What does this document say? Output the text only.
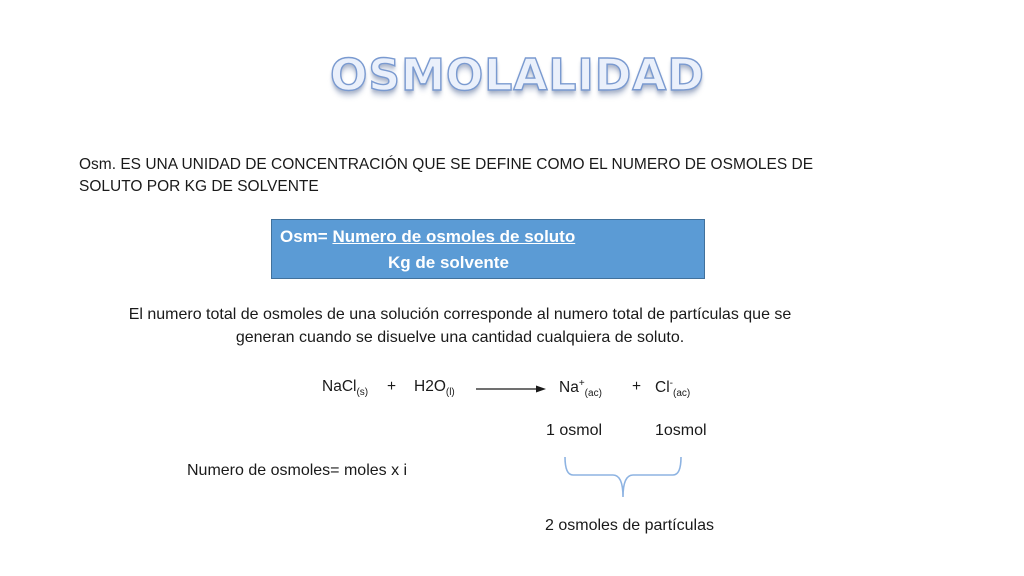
OSMOLALIDAD
Osm. ES UNA UNIDAD DE CONCENTRACIÓN QUE SE DEFINE COMO EL NUMERO DE OSMOLES DE SOLUTO POR KG DE SOLVENTE
Osm= Numero de osmoles de soluto
Kg de solvente
El numero total de osmoles de una solución corresponde al numero total de partículas que se generan cuando se disuelve una cantidad cualquiera de soluto.
NaCl$_{(s)}$ + $H2O_{(l)}$	$Na^+_{(ac)} + Cl^-_{(ac)}$
1 osmol	1osmol
Numero de osmoles= moles x i
2 osmoles de partículas
